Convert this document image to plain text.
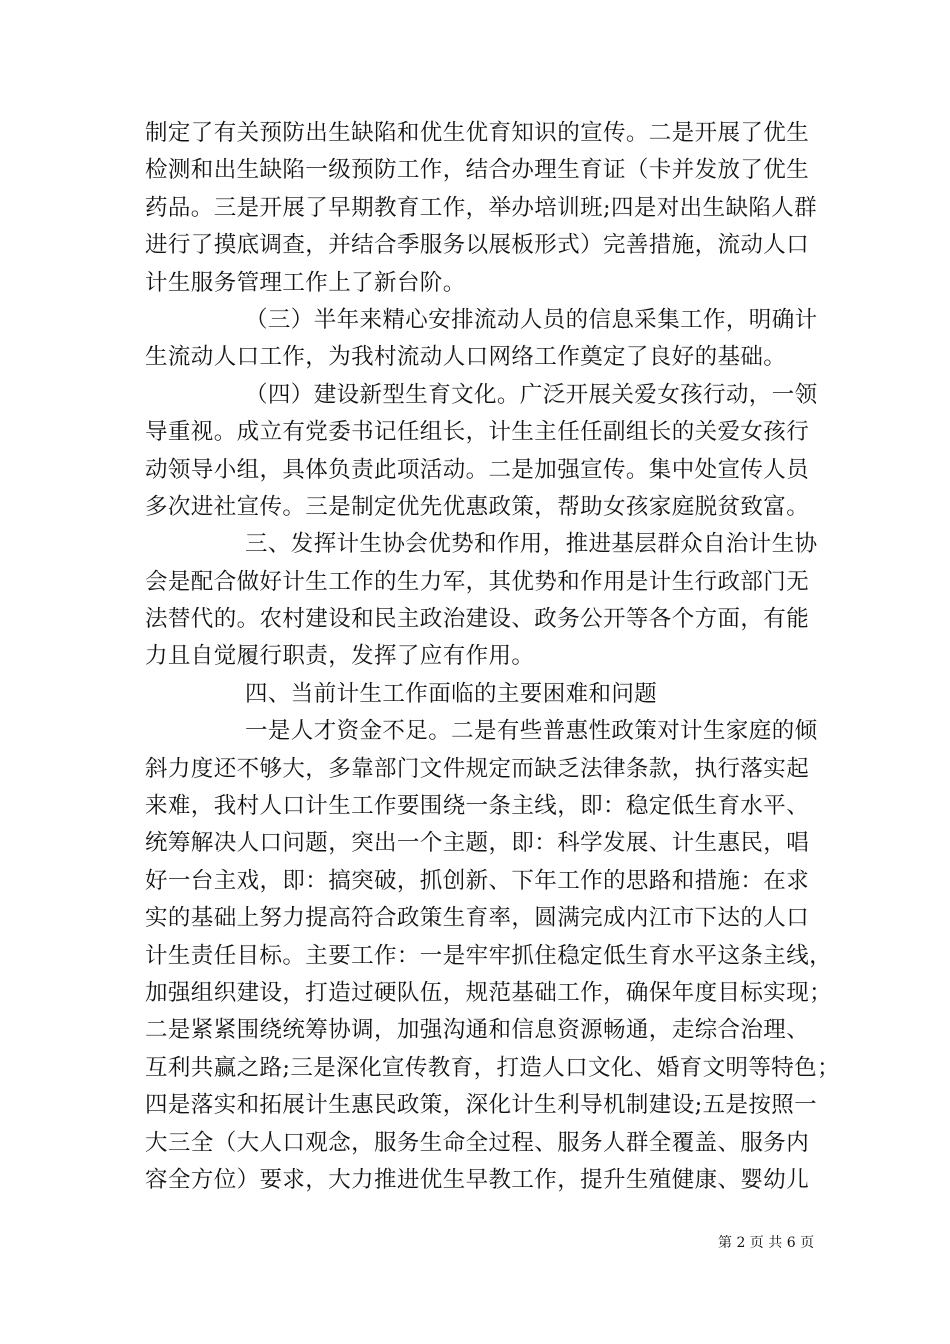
制定了有关预防出生缺陷和优生优育知识的宣传。二是开展了优生
检测和出生缺陷一级预防工作，结合办理生育证（卡并发放了优生
药品。三是开展了早期教育工作，举办培训班;四是对出生缺陷人群
进行了摸底调查，并结合季服务以展板形式）完善措施，流动人口
计生服务管理工作上了新台阶。
（三）半年来精心安排流动人员的信息采集工作，明确计
生流动人口工作，为我村流动人口网络工作奠定了良好的基础。
（四）建设新型生育文化。广泛开展关爱女孩行动，一领
导重视。成立有党委书记任组长，计生主任任副组长的关爱女孩行
动领导小组，具体负责此项活动。二是加强宣传。集中处宣传人员
多次进社宣传。三是制定优先优惠政策，帮助女孩家庭脱贫致富。
三、发挥计生协会优势和作用，推进基层群众自治计生协
会是配合做好计生工作的生力军，其优势和作用是计生行政部门无
法替代的。农村建设和民主政治建设、政务公开等各个方面，有能
力且自觉履行职责，发挥了应有作用。
四、当前计生工作面临的主要困难和问题
一是人才资金不足。二是有些普惠性政策对计生家庭的倾
斜力度还不够大，多靠部门文件规定而缺乏法律条款，执行落实起
来难，我村人口计生工作要围绕一条主线，即：稳定低生育水平、
统筹解决人口问题，突出一个主题，即：科学发展、计生惠民，唱
好一台主戏，即：搞突破，抓创新、下年工作的思路和措施：在求
实的基础上努力提高符合政策生育率，圆满完成内江市下达的人口
计生责任目标。主要工作：一是牢牢抓住稳定低生育水平这条主线，
加强组织建设，打造过硬队伍，规范基础工作，确保年度目标实现；
二是紧紧围绕统筹协调，加强沟通和信息资源畅通，走综合治理、
互利共赢之路;三是深化宣传教育，打造人口文化、婚育文明等特色；
四是落实和拓展计生惠民政策，深化计生利导机制建设;五是按照一
大三全（大人口观念，服务生命全过程、服务人群全覆盖、服务内
容全方位）要求，大力推进优生早教工作，提升生殖健康、婴幼儿
第 2 页 共 6 页
